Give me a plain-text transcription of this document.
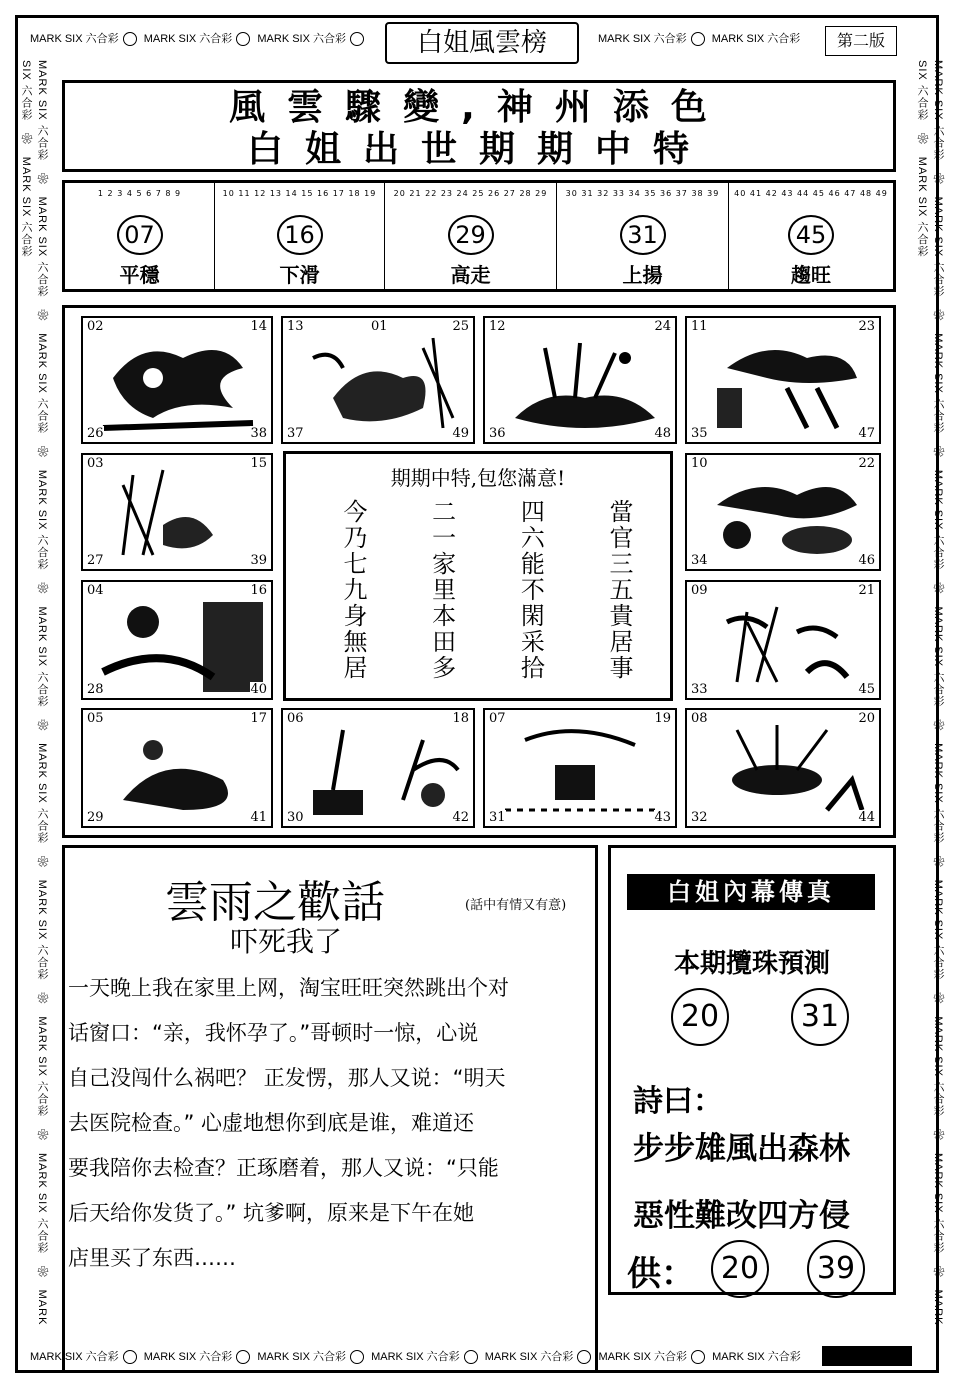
MARK SIX 六合彩 MARK SIX 六合彩 MARK SIX 六合彩	MARK SIX 六合彩 MARK SIX 六合彩
MARK SIX 六合彩 MARK SIX 六合彩 MARK SIX 六合彩 MARK SIX 六合彩 MARK SIX 六合彩 MARK SIX 六合彩 MARK SIX 六合彩
MARK SIX 六合彩　❀　MARK SIX 六合彩　❀　MARK SIX 六合彩　❀　MARK SIX 六合彩　❀　MARK SIX 六合彩　❀　MARK SIX 六合彩　❀　MARK SIX 六合彩　❀　MARK SIX 六合彩　❀　MARK SIX 六合彩　❀　MARK SIX 六合彩　❀　MARK SIX 六合彩
MARK SIX 六合彩　❀　MARK SIX 六合彩　❀　MARK SIX 六合彩　❀　MARK SIX 六合彩　❀　MARK SIX 六合彩　❀　MARK SIX 六合彩　❀　MARK SIX 六合彩　❀　MARK SIX 六合彩　❀　MARK SIX 六合彩　❀　MARK SIX 六合彩　❀　MARK SIX 六合彩
白姐風雲榜	第二版
風雲驟變,神州添色
白姐出世期期中特
1 2 3 4 5 6 7 8 9
07
平穩
10 11 12 13 14 15 16 17 18 19
16
下滑
20 21 22 23 24 25 26 27 28 29
29
高走
30 31 32 33 34 35 36 37 38 39
31
上揚
40 41 42 43 44 45 46 47 48 49
45
趨旺
02	14
26	38
13	25
37	49
01	12	24
36	48
11	23
35	47
03	15
27	39
10	22
34	46
04	16
28	40
09	21
33	45
期期中特,包您滿意!
今乃七九身無居	二一家里本田多	四六能不閑采拾	當官三五貴居事
05	17
29	41
06	18
30	42
07	19
31	43
08	20
32	44
雲雨之歡話	(話中有情又有意)
吓死我了
一天晚上我在家里上网，淘宝旺旺突然跳出个对
话窗口：“亲，我怀孕了。”哥顿时一惊，心说
自己没闯什么祸吧？ 正发愣，那人又说：“明天
去医院检查。” 心虚地想你到底是谁，难道还
要我陪你去检查？正琢磨着，那人又说：“只能
后天给你发货了。” 坑爹啊，原来是下午在她
店里买了东西……
白姐內幕傳真
本期攬珠預測
20	31
詩曰：
步步雄風出森林
惡性難改四方侵
供： 20	39
